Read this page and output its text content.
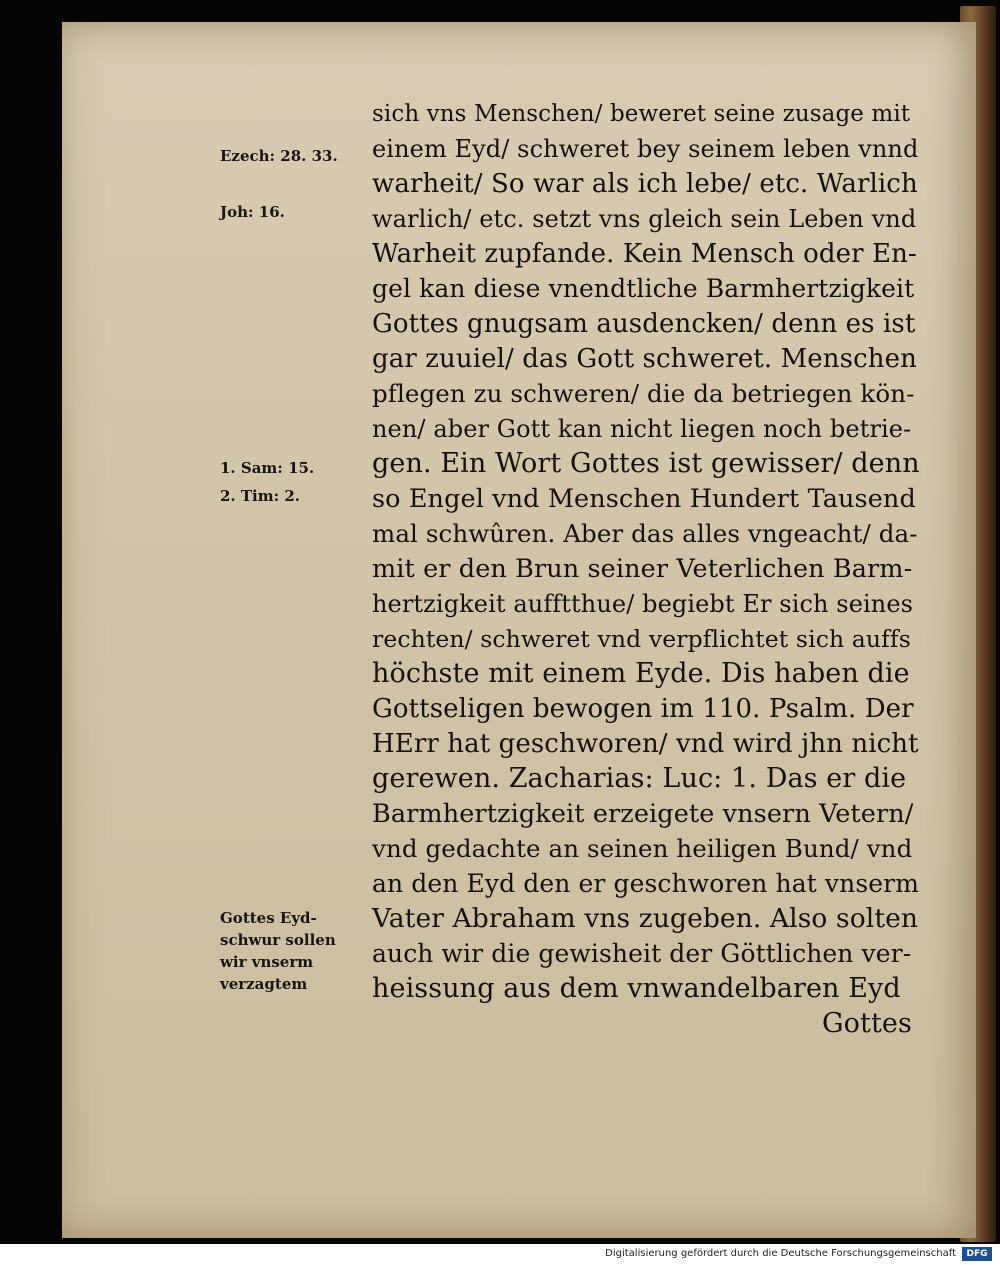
Ezech: 28. 33.
Joh: 16.
1. Sam: 15.
2. Tim: 2.
Gottes Eyd-
schwur sollen
wir vnserm
verzagtem
sich vns Menschen/ beweret seine zusage mit
einem Eyd/ schweret bey seinem leben vnnd
warheit/ So war als ich lebe/ etc. Warlich
warlich/ etc. setzt vns gleich sein Leben vnd
Warheit zupfande. Kein Mensch oder En-
gel kan diese vnendtliche Barmhertzigkeit
Gottes gnugsam ausdencken/ denn es ist
gar zuuiel/ das Gott schweret. Menschen
pflegen zu schweren/ die da betriegen kön-
nen/ aber Gott kan nicht liegen noch betrie-
gen. Ein Wort Gottes ist gewisser/ denn
so Engel vnd Menschen Hundert Tausend
mal schwûren. Aber das alles vngeacht/ da-
mit er den Brun seiner Veterlichen Barm-
hertzigkeit aufftthue/ begiebt Er sich seines
rechten/ schweret vnd verpflichtet sich auffs
höchste mit einem Eyde. Dis haben die
Gottseligen bewogen im 110. Psalm. Der
HErr hat geschworen/ vnd wird jhn nicht
gerewen. Zacharias: Luc: 1. Das er die
Barmhertzigkeit erzeigete vnsern Vetern/
vnd gedachte an seinen heiligen Bund/ vnd
an den Eyd den er geschworen hat vnserm
Vater Abraham vns zugeben. Also solten
auch wir die gewisheit der Göttlichen ver-
heissung aus dem vnwandelbaren Eyd
Gottes
Digitalisierung gefördert durch die Deutsche Forschungsgemeinschaft	DFG
